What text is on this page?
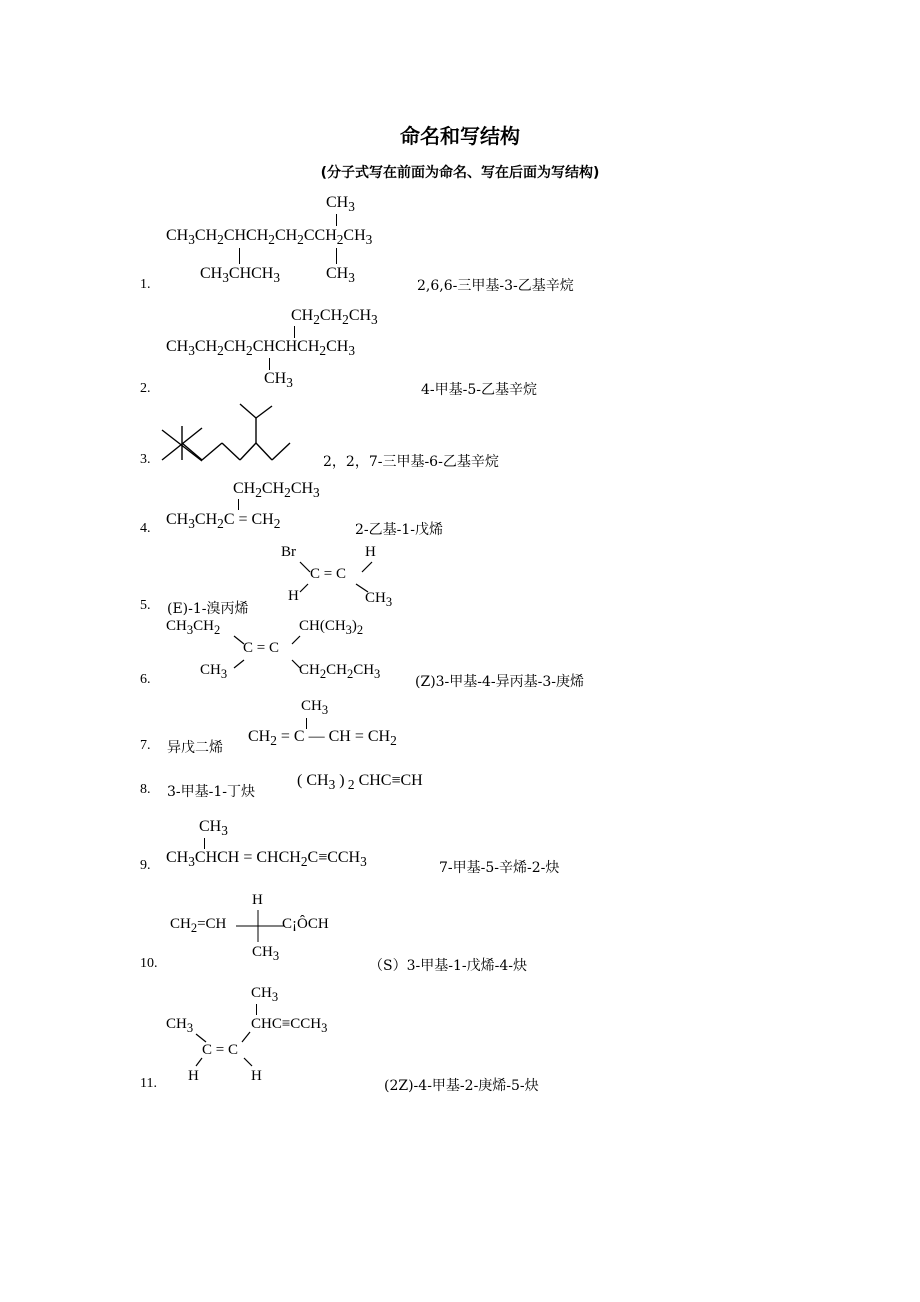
命名和写结构
(分子式写在前面为命名、写在后面为写结构)
$CH_3$
$CH_3CH_2CHCH_2CH_2CCH_2CH_3$
$CH_3CHCH_3$	$CH_3$
1.	2,6,6-三甲基-3-乙基辛烷
$CH_2CH_2CH_3$
$CH_3CH_2CH_2CHCHCH_2CH_3$
$CH_3$
2.	4-甲基-5-乙基辛烷
3.	2，2，7-三甲基-6-乙基辛烷
$CH_2CH_2CH_3$
$CH_3CH_2C = CH_2$
4.	2-乙基-1-戊烯
Br	H
C = C
H	$CH_3$
5. (E)-1-溴丙烯
$CH_3CH_2$	$CH(CH_3)_2$
C = C
$CH_3$	$CH_2CH_2CH_3$
6.	(Z)3-甲基-4-异丙基-3-庚烯
$CH_3$
$CH_2 = C$ — CH = $CH_2$
7. 异戊二烯
( $CH_3$ ) $_2$ CHC≡CH
8. 3-甲基-1-丁炔
$CH_3$
$CH_3CHCH$ = $CHCH_2C\equiv CCH_3$
9.	7-甲基-5-辛烯-2-炔
H
$CH_2=CH$	C¡ÔCH
$CH_3$
10.	（S）3-甲基-1-戊烯-4-炔
$CH_3$
$CH_3$	$CHC\equiv CCH_3$
C = C
H	H
11.	(2Z)-4-甲基-2-庚烯-5-炔
